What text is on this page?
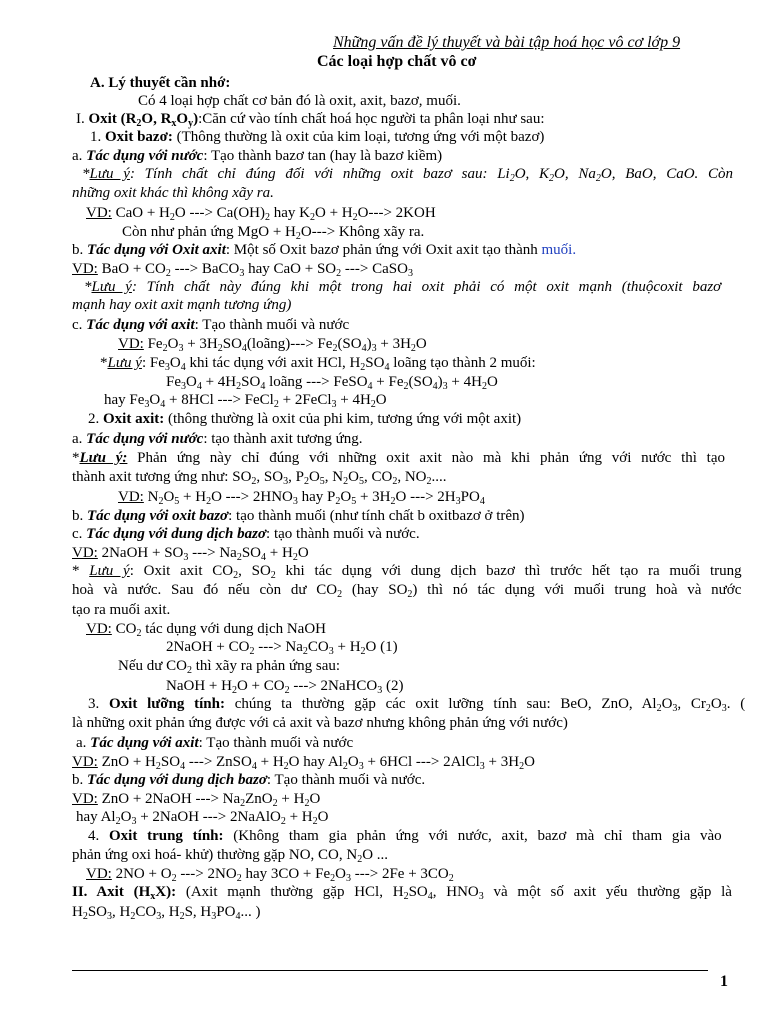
Những vấn đề lý thuyết và bài tập hoá học vô cơ lớp 9
Các loại hợp chất vô cơ
A. Lý thuyết cần nhớ:
Có 4 loại hợp chất cơ bản đó là oxit, axit, bazơ, muối.
I. Oxit ($R_2O$, $R_xO_y):Căn$ cứ vào tính chất hoá học người ta phân loại như sau:
1. Oxit bazơ: (Thông thường là oxit của kim loại, tương ứng với một bazơ)
a. Tác dụng với nước: Tạo thành bazơ tan (hay là bazơ kiềm)
*Lưu ý: Tính chất chỉ đúng đối với những oxit bazơ sau: $Li_2O$, $K_2O$, $Na_2O$, BaO, CaO. Còn
những oxit khác thì không xãy ra.
VD: CaO + $H_2O$ ---> $Ca(OH)_2$ hay $K_2O + H_2O---> 2KOH$
Còn như phản ứng MgO + $H_2O--->$ Không xãy ra.
b. Tác dụng với Oxit axit: Một số Oxit bazơ phản ứng với Oxit axit tạo thành muối.
VD: BaO + $CO_2$ ---> BaCO$_3$ hay CaO + $SO_2$ ---> CaSO$_3$
*Lưu ý: Tính chất này đúng khi một trong hai oxit phải có một oxit mạnh (thuộcoxit bazơ
mạnh hay oxit axit mạnh tương ứng)
c. Tác dụng với axit: Tạo thành muối và nước
VD: $Fe_2O_3$ + $3H_2SO_4(loãng)---> Fe_2(SO_4)_3 + 3H_2O$
*Lưu ý: $Fe_3O_4$ khi tác dụng với axit HCl, $H_2SO_4$ loãng tạo thành 2 muối:
$Fe_3O_4 + 4H_2SO_4$ loãng ---> FeSO$_4$ + $Fe_2(SO_4)_3 + 4H_2O$
hay $Fe_3O_4 + 8HCl$ ---> FeCl$_2$ + 2FeCl$_3$ + $4H_2O$
2. Oxit axit: (thông thường là oxit của phi kim, tương ứng với một axit)
a. Tác dụng với nước: tạo thành axit tương ứng.
*Lưu ý: Phản ứng này chỉ đúng với những oxit axit nào mà khi phản ứng với nước thì tạo
thành axit tương ứng như: $SO_2$, $SO_3$, $P_2O_5$, $N_2O_5$, $CO_2$, $NO_2$....
VD: $N_2O_5 + H_2O$ ---> $2HNO_3$ hay $P_2O_5 + 3H_2O$ ---> $2H_3PO_4$
b. Tác dụng với oxit bazơ: tạo thành muối (như tính chất b oxitbazơ ở trên)
c. Tác dụng với dung dịch bazơ: tạo thành muối và nước.
VD: 2NaOH + $SO_3$ ---> $Na_2SO_4 + H_2O$
* Lưu ý: Oxit axit $CO_2$, $SO_2$ khi tác dụng với dung dịch bazơ thì trước hết tạo ra muối trung
hoà và nước. Sau đó nếu còn dư $CO_2$ (hay $SO_2$) thì nó tác dụng với muối trung hoà và nước
tạo ra muối axit.
VD: $CO_2$ tác dụng với dung dịch NaOH
2NaOH + $CO_2$ ---> $Na_2CO_3 + H_2O$ (1)
Nếu dư $CO_2$ thì xãy ra phản ứng sau:
NaOH + $H_2O + CO_2$ ---> 2NaHCO$_3$ (2)
3. Oxit lưỡng tính: chúng ta thường gặp các oxit lưỡng tính sau: BeO, ZnO, $Al_2O_3$, $Cr_2O_3$. (
là những oxit phản ứng được với cả axit và bazơ nhưng không phản ứng với nước)
a. Tác dụng với axit: Tạo thành muối và nước
VD: ZnO + $H_2SO_4$ ---> ZnSO$_4$ + $H_2O$ hay $Al_2O_3 + 6HCl$ ---> 2AlCl$_3$ + $3H_2O$
b. Tác dụng với dung dịch bazơ: Tạo thành muối và nước.
VD: ZnO + 2NaOH ---> $Na_2ZnO_2 + H_2O$
hay $Al_2O_3$ + 2NaOH ---> 2NaAlO$_2$ + $H_2O$
4. Oxit trung tính: (Không tham gia phản ứng với nước, axit, bazơ mà chỉ tham gia vào
phản ứng oxi hoá- khử) thường gặp NO, CO, $N_2O$ ...
VD: $2NO + O_2$ ---> $2NO_2$ hay $3CO + Fe_2O_3$ ---> $2Fe + 3CO_2$
II. Axit $(H_xX)$: (Axit mạnh thường gặp HCl, $H_2SO_4$, $HNO_3$ và một số axit yếu thường gặp là
$H_2SO_3$, $H_2CO_3$, $H_2S$, $H_3PO_4$... )
1
